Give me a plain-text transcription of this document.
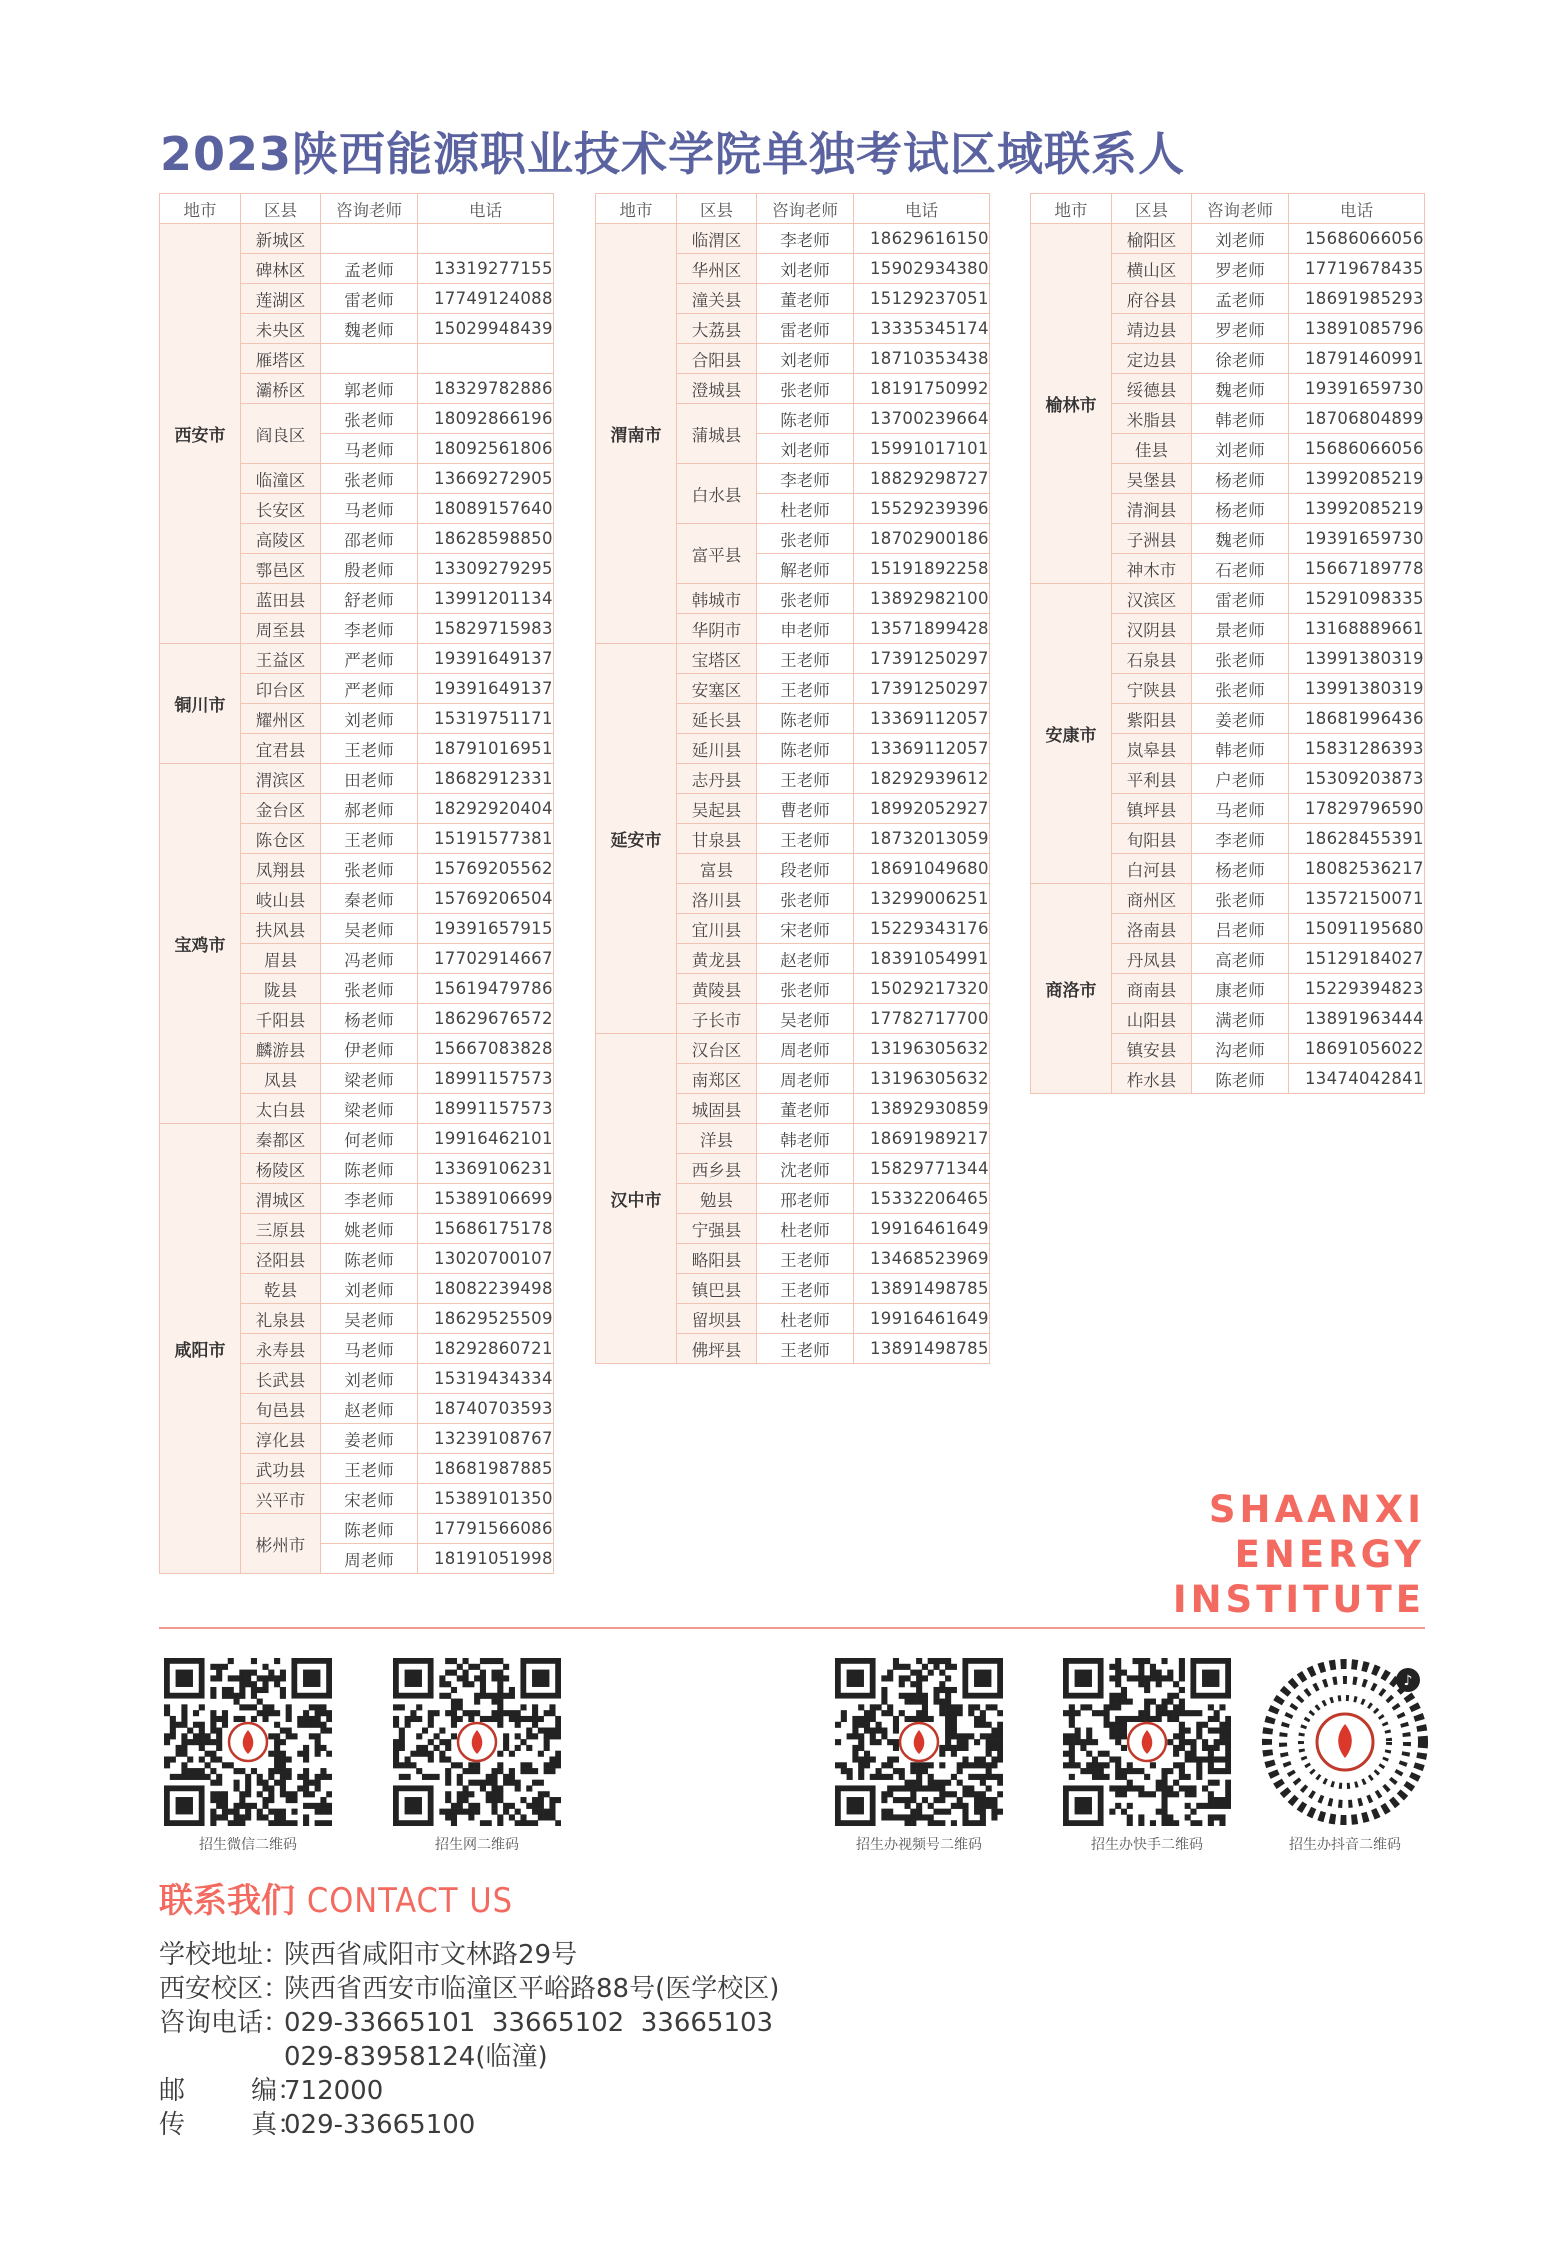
2023陕西能源职业技术学院单独考试区域联系人
地市	区县	咨询老师	电话
西安市	新城区		
	碑林区	孟老师	13319277155
	莲湖区	雷老师	17749124088
	未央区	魏老师	15029948439
	雁塔区		
	灞桥区	郭老师	18329782886
	阎良区	张老师	18092866196
		马老师	18092561806
	临潼区	张老师	13669272905
	长安区	马老师	18089157640
	高陵区	邵老师	18628598850
	鄠邑区	殷老师	13309279295
	蓝田县	舒老师	13991201134
	周至县	李老师	15829715983
铜川市	王益区	严老师	19391649137
	印台区	严老师	19391649137
	耀州区	刘老师	15319751171
	宜君县	王老师	18791016951
宝鸡市	渭滨区	田老师	18682912331
	金台区	郝老师	18292920404
	陈仓区	王老师	15191577381
	凤翔县	张老师	15769205562
	岐山县	秦老师	15769206504
	扶风县	吴老师	19391657915
	眉县	冯老师	17702914667
	陇县	张老师	15619479786
	千阳县	杨老师	18629676572
	麟游县	伊老师	15667083828
	凤县	梁老师	18991157573
	太白县	梁老师	18991157573
咸阳市	秦都区	何老师	19916462101
	杨陵区	陈老师	13369106231
	渭城区	李老师	15389106699
	三原县	姚老师	15686175178
	泾阳县	陈老师	13020700107
	乾县	刘老师	18082239498
	礼泉县	吴老师	18629525509
	永寿县	马老师	18292860721
	长武县	刘老师	15319434334
	旬邑县	赵老师	18740703593
	淳化县	姜老师	13239108767
	武功县	王老师	18681987885
	兴平市	宋老师	15389101350
	彬州市	陈老师	17791566086
		周老师	18191051998
地市	区县	咨询老师	电话
渭南市	临渭区	李老师	18629616150
	华州区	刘老师	15902934380
	潼关县	董老师	15129237051
	大荔县	雷老师	13335345174
	合阳县	刘老师	18710353438
	澄城县	张老师	18191750992
	蒲城县	陈老师	13700239664
		刘老师	15991017101
	白水县	李老师	18829298727
		杜老师	15529239396
	富平县	张老师	18702900186
		解老师	15191892258
	韩城市	张老师	13892982100
	华阴市	申老师	13571899428
延安市	宝塔区	王老师	17391250297
	安塞区	王老师	17391250297
	延长县	陈老师	13369112057
	延川县	陈老师	13369112057
	志丹县	王老师	18292939612
	吴起县	曹老师	18992052927
	甘泉县	王老师	18732013059
	富县	段老师	18691049680
	洛川县	张老师	13299006251
	宜川县	宋老师	15229343176
	黄龙县	赵老师	18391054991
	黄陵县	张老师	15029217320
	子长市	吴老师	17782717700
汉中市	汉台区	周老师	13196305632
	南郑区	周老师	13196305632
	城固县	董老师	13892930859
	洋县	韩老师	18691989217
	西乡县	沈老师	15829771344
	勉县	邢老师	15332206465
	宁强县	杜老师	19916461649
	略阳县	王老师	13468523969
	镇巴县	王老师	13891498785
	留坝县	杜老师	19916461649
	佛坪县	王老师	13891498785
地市	区县	咨询老师	电话
榆林市	榆阳区	刘老师	15686066056
	横山区	罗老师	17719678435
	府谷县	孟老师	18691985293
	靖边县	罗老师	13891085796
	定边县	徐老师	18791460991
	绥德县	魏老师	19391659730
	米脂县	韩老师	18706804899
	佳县	刘老师	15686066056
	吴堡县	杨老师	13992085219
	清涧县	杨老师	13992085219
	子洲县	魏老师	19391659730
	神木市	石老师	15667189778
安康市	汉滨区	雷老师	15291098335
	汉阴县	景老师	13168889661
	石泉县	张老师	13991380319
	宁陕县	张老师	13991380319
	紫阳县	姜老师	18681996436
	岚皋县	韩老师	15831286393
	平利县	户老师	15309203873
	镇坪县	马老师	17829796590
	旬阳县	李老师	18628455391
	白河县	杨老师	18082536217
商洛市	商州区	张老师	13572150071
	洛南县	吕老师	15091195680
	丹凤县	高老师	15129184027
	商南县	康老师	15229394823
	山阳县	满老师	13891963444
	镇安县	沟老师	18691056022
	柞水县	陈老师	13474042841
SHAANXI
ENERGY
INSTITUTE
招生微信二维码	招生网二维码	招生办视频号二维码	招生办快手二维码
♪
招生办抖音二维码
联系我们 CONTACT US
学校地址：陕西省咸阳市文林路29号
西安校区：陕西省西安市临潼区平峪路88号(医学校区)
咨询电话：029-33665101  33665102  33665103
029-83958124(临潼)
邮        编：712000
传        真：029-33665100
